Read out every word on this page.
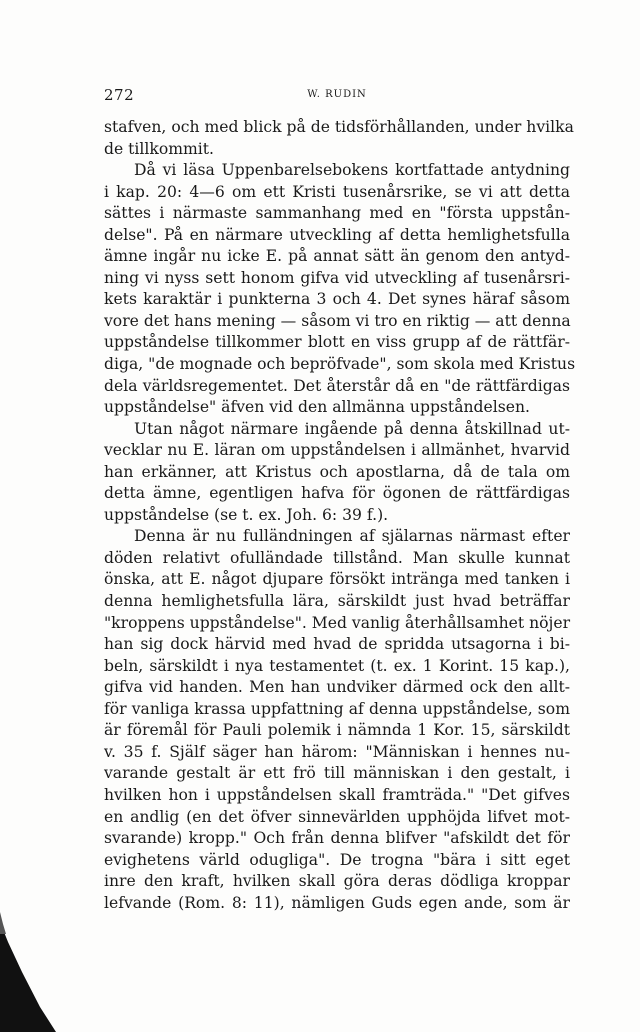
272	W. RUDIN
stafven, och med blick på de tidsförhållanden, under hvilka
de tillkommit.
Då vi läsa Uppenbarelsebokens kortfattade antydning
i kap. 20: 4—6 om ett Kristi tusenårsrike, se vi att detta
sättes i närmaste sammanhang med en "första uppstån-
delse". På en närmare utveckling af detta hemlighetsfulla
ämne ingår nu icke E. på annat sätt än genom den antyd-
ning vi nyss sett honom gifva vid utveckling af tusenårsri-
kets karaktär i punkterna 3 och 4. Det synes häraf såsom
vore det hans mening — såsom vi tro en riktig — att denna
uppståndelse tillkommer blott en viss grupp af de rättfär-
diga, "de mognade och bepröfvade", som skola med Kristus
dela världsregementet. Det återstår då en "de rättfärdigas
uppståndelse" äfven vid den allmänna uppståndelsen.
Utan något närmare ingående på denna åtskillnad ut-
vecklar nu E. läran om uppståndelsen i allmänhet, hvarvid
han erkänner, att Kristus och apostlarna, då de tala om
detta ämne, egentligen hafva för ögonen de rättfärdigas
uppståndelse (se t. ex. Joh. 6: 39 f.).
Denna är nu fulländningen af själarnas närmast efter
döden relativt ofulländade tillstånd. Man skulle kunnat
önska, att E. något djupare försökt intränga med tanken i
denna hemlighetsfulla lära, särskildt just hvad beträffar
"kroppens uppståndelse". Med vanlig återhållsamhet nöjer
han sig dock härvid med hvad de spridda utsagorna i bi-
beln, särskildt i nya testamentet (t. ex. 1 Korint. 15 kap.),
gifva vid handen. Men han undviker därmed ock den allt-
för vanliga krassa uppfattning af denna uppståndelse, som
är föremål för Pauli polemik i nämnda 1 Kor. 15, särskildt
v. 35 f. Själf säger han härom: "Människan i hennes nu-
varande gestalt är ett frö till människan i den gestalt, i
hvilken hon i uppståndelsen skall framträda." "Det gifves
en andlig (en det öfver sinnevärlden upphöjda lifvet mot-
svarande) kropp." Och från denna blifver "afskildt det för
evighetens värld odugliga". De trogna "bära i sitt eget
inre den kraft, hvilken skall göra deras dödliga kroppar
lefvande (Rom. 8: 11), nämligen Guds egen ande, som är
